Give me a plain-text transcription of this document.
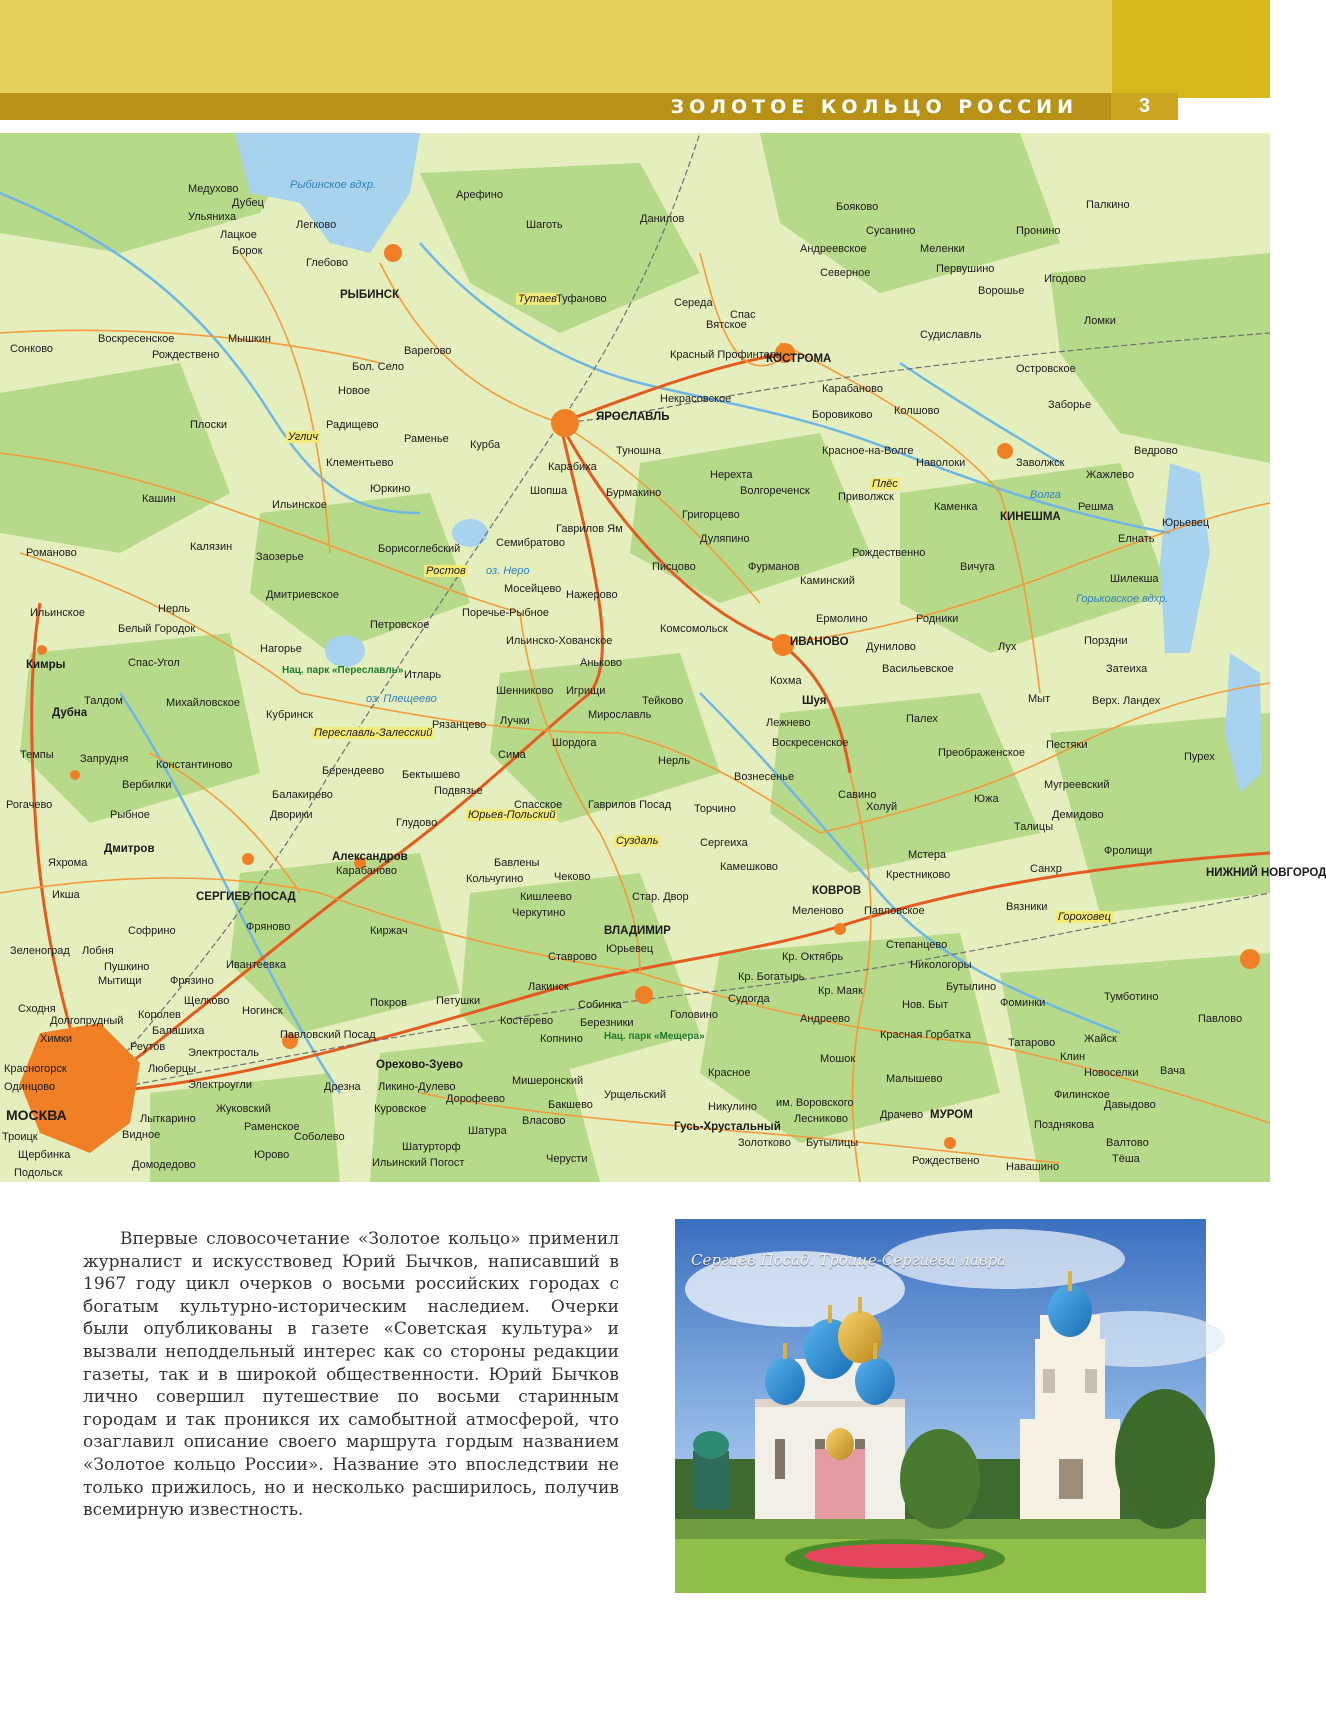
ЗОЛОТОЕ КОЛЬЦО РОССИИ	3
РЫБИНСК
ЯРОСЛАВЛЬ
КОСТРОМА
ИВАНОВО
КИНЕШМА
ВЛАДИМИР
КОВРОВ
МУРОМ
МОСКВА
СЕРГИЕВ ПОСАД
Дмитров
Кимры
Дубна
Александров
Шуя
НИЖНИЙ НОВГОРОД
Орехово-Зуево
Гусь-Хрустальный
Тутаев
Ростов
Углич
Плёс
Суздаль
Юрьев-Польский
Гороховец
Переславль-Залесский
Рыбинское вдхр.
Горьковское вдхр.
Волга
оз. Неро
оз. Плещеево
Нац. парк «Переславль»
Нац. парк «Мещера»
Медухово
Дубец
Ульяниха
Лацкое
Борок
Легково
Глебово
Арефино
Шаготь	Данилов
Туфаново	Середа
Вятское
Спас
Бояково
Сусанино
Андреевское
Северное
Меленки
Первушино
Пронино
Палкино
Ворошье
Игодово
Ломки
Сонково
Воскресенское
Рождествено
Мышкин
Варегово
Бол. Село
Новое
Радищево
Раменье Курба
Карабиха
Туношна
Некрасовское
Красный Профинтерн
Карабаново
Боровиково Колшово
Судиславль
Островское
Заборье
Ведрово
Плоски
Клементьево
Юркино
Ильинское
Кашин
Шопша	Бурмакино
Нерехта
Волгореченск	Приволжск
Красное-на-Волге
Наволоки	Заволжск
Жажлево
Каменка	Решма
Юрьевец
Елнать
Калязин
Романово	Заозерье
Семибратово
Борисоглебский
Гаврилов Ям
Григорцево
Дуляпино
Фурманов
Писцово
Рождественно
Вичуга
Шилекша
Дмитриевское	Мосейцево Нажерово
Каминский
Родники
Ильинское
Белый Городок
Нерль
Петровское
Поречье-Рыбное
Ильинско-Хованское
Комсомольск
Ермолино
Дунилово	Лух	Порздни
Затеиха
Спас-Угол
Нагорье
Итларь
Аньково	Васильевское
Кохма
Талдом	Михайловское
Кубринск
Рязанцево
Шенниково Игрищи
Тейково
Мирославль
Лежнево	Палех
Мыт	Верх. Ландех
Темпы Запрудня	Константиново
Лучки
Шордога	Воскресенское
Преображенское
Пестяки
Пурех
Вербилки
Берендеево Бектышево
Сима	Нерль
Вознесенье
Савино
Мугреевский
Рогачево
Балакирево	Подвязье
Спасское Гаврилов Посад Торчино	Холуй
Южа
Демидово
Рыбное	Дворики
Глудово	Талицы
Яхрома
Карабаново
Бавлены
Чеково
Сергеиха
Камешково
Мстера
Крестниково
Фролищи
Санхр
Икша
Кольчугино
Кишлеево	Стар. Двор
Меленово Павловское	Вязники
Софрино	Фряново	Киржач
Черкутино
Юрьевец
Ставрово
Степанцево
Никологоры
Пушкино	Ивантеевка
Мытищи	Фрязино
Щелково
Ногинск
Королев
Балашиха
Реутов Электросталь
Люберцы
Павловский Посад
Электроугли	Дрезна Ликино-Дулево
Куровское
Жуковский
Раменское
Лыткарино
Видное
Домодедово
Подольск
Троицк
Щербинка
Собинка
Лакинск
Петушки
Покров
Костерево Березники
Копнино
Головино
Кр. Октябрь
Кр. Богатырь
Судогда
Кр. Маяк
Андреево
Нов. Быт
Бутылино
Фоминки	Тумботино
Павлово
Красная Горбатка
Татарово	Жайск
Клин
Новоселки Вача
Мошок
Малышево
Филинское
Красное
Урщельский
Мишеронский
Бакшево
Власово
Дорофеево
Шатура
Шатурторф
Никулино им. Воровского
Лесниково	Драчево
Давыдово
Позднякова
Валтово
Золотково Бутылицы
Рождествено Навашино
Тёша
Черусти
Ильинский Погост
Соболево
Юрово
Долгопрудный
Химки
Красногорск
Одинцово
Зеленоград Лобня
Сходня
Впервые словосочетание «Золотое кольцо» применил журналист и искусствовед Юрий Бычков, написавший в 1967 году цикл очерков о восьми российских городах с богатым культурно-историческим наследием. Очерки были опубликованы в газете «Советская культура» и вызвали неподдельный интерес как со стороны редакции газеты, так и в широкой общественности. Юрий Бычков лично совершил путешествие по восьми старинным городам и так проникся их самобытной атмосферой, что озаглавил описание своего маршрута гордым названием «Золотое кольцо России». Название это впоследствии не только прижилось, но и несколько расширилось, получив всемирную известность.
Сергиев Посад. Троице-Сергиева лавра
